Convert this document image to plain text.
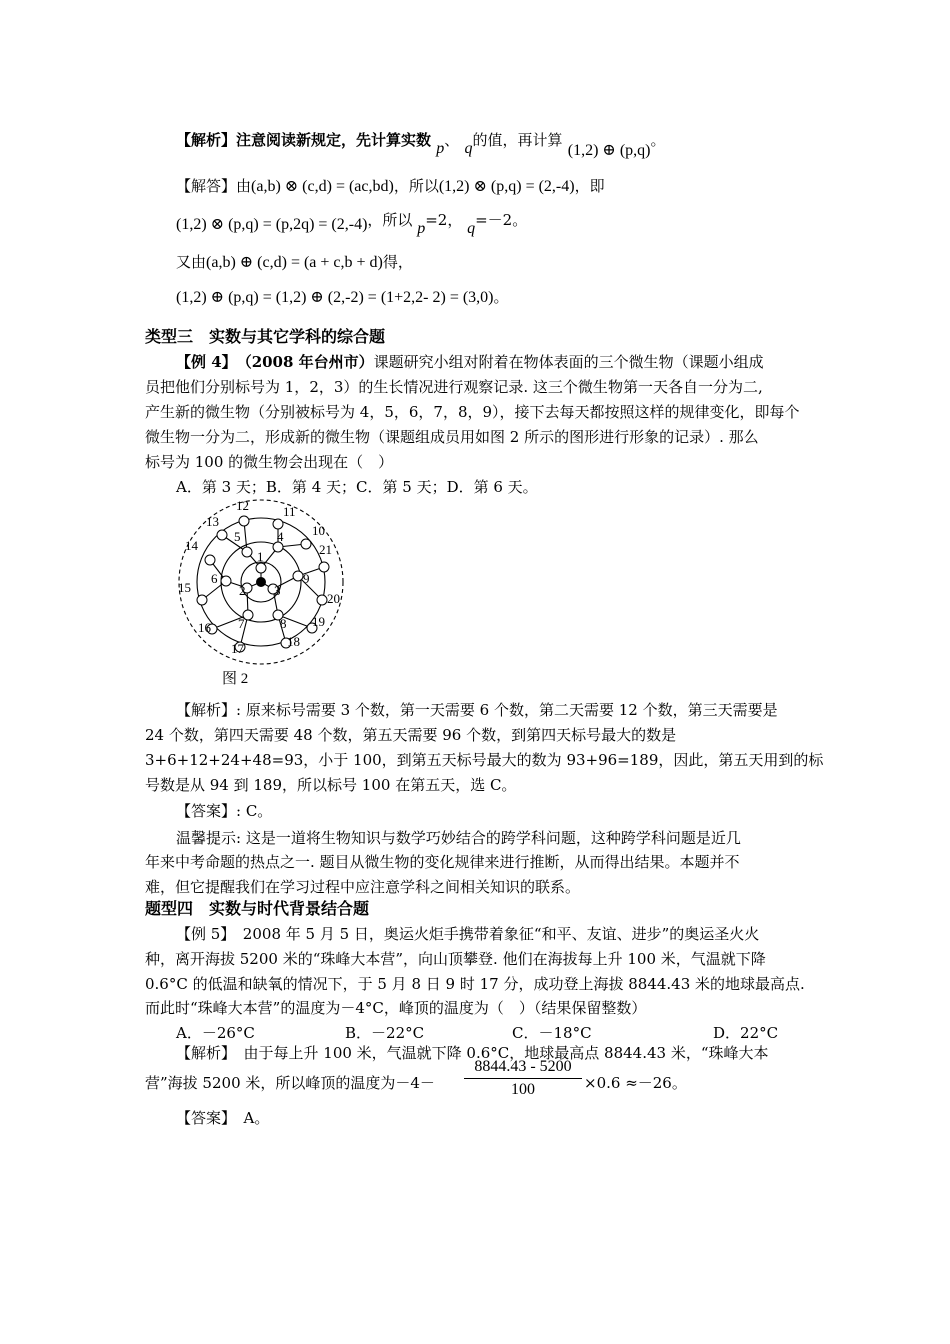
【解析】注意阅读新规定，先计算实数 p、 q的值，再计算 (1,2) ⊕ (p,q)。
【解答】由(a,b) ⊗ (c,d) = (ac,bd)，所以(1,2) ⊗ (p,q) = (2,-4)，即
(1,2) ⊗ (p,q) = (p,2q) = (2,-4)，所以 p=2， q=－2。
又由(a,b) ⊕ (c,d) = (a + c,b + d)得，
(1,2) ⊕ (p,q) = (1,2) ⊕ (2,-2) = (1+2,2- 2) = (3,0)。
类型三　实数与其它学科的综合题
【例 4】　 （2008 年台州市）课题研究小组对附着在物体表面的三个微生物（课题小组成
员把他们分别标号为 1，2，3）的生长情况进行观察记录. 这三个微生物第一天各自一分为二,
产生新的微生物（分别被标号为 4，5，6，7，8，9），接下去每天都按照这样的规律变化，即每个
微生物一分为二，形成新的微生物（课题组成员用如图 2 所示的图形进行形象的记录）. 那么
标号为 100 的微生物会出现在（　）
A．第 3 天；B．第 4 天；C．第 5 天；D．第 6 天。
1
2 3
4
5
6
7	8
9
10
11
12
13
14
15
16
17	18
19
20
21
图 2
【解析】: 原来标号需要 3 个数，第一天需要 6 个数，第二天需要 12 个数，第三天需要是
24 个数，第四天需要 48 个数，第五天需要 96 个数，到第四天标号最大的数是
3+6+12+24+48=93，小于 100，到第五天标号最大的数为 93+96=189，因此，第五天用到的标
号数是从 94 到 189，所以标号 100 在第五天，选 C。
【答案】: C。
温馨提示: 这是一道将生物知识与数学巧妙结合的跨学科问题，这种跨学科问题是近几
年来中考命题的热点之一. 题目从微生物的变化规律来进行推断，从而得出结果。本题并不
难，但它提醒我们在学习过程中应注意学科之间相关知识的联系。
题型四　实数与时代背景结合题
【例 5】　2008 年 5 月 5 日，奥运火炬手携带着象征“和平、友谊、进步”的奥运圣火火
种，离开海拔 5200 米的“珠峰大本营”，向山顶攀登. 他们在海拔每上升 100 米，气温就下降
0.6°C 的低温和缺氧的情况下，于 5 月 8 日 9 时 17 分，成功登上海拔 8844.43 米的地球最高点.
而此时“珠峰大本营”的温度为－4°C，峰顶的温度为（　）（结果保留整数）
A．－26°C	B．－22°C	C．－18°C	D．22°C
【解析】　由于每上升 100 米，气温就下降 0.6°C，地球最高点 8844.43 米，“珠峰大本
营”海拔 5200 米，所以峰顶的温度为$-4- \frac{8844.43 - 5200}{100} \times 0.6 \approx-26$。
【答案】　A。
